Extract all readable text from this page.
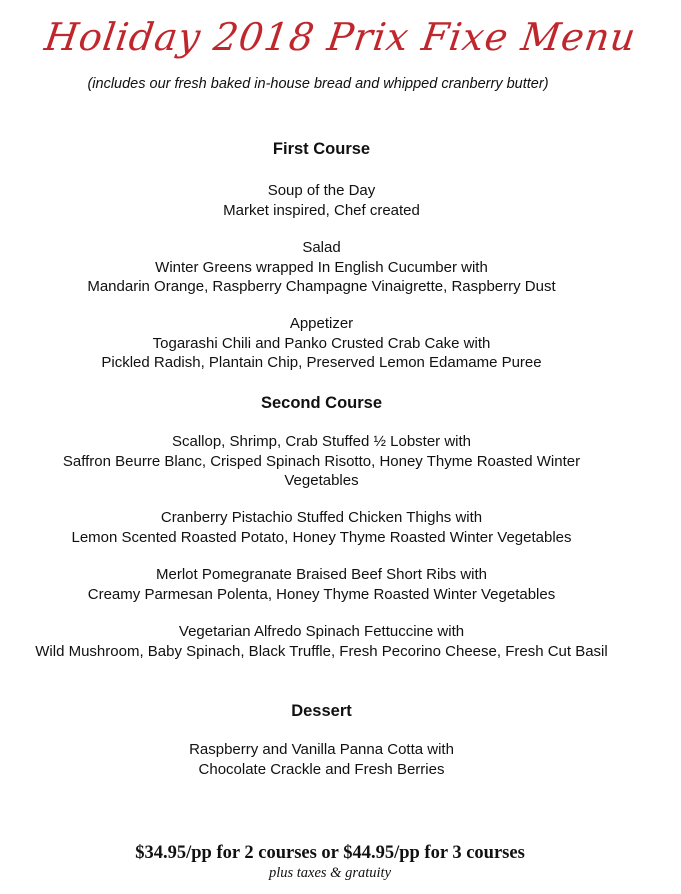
Holiday 2018 Prix Fixe Menu
(includes our fresh baked in-house bread and whipped cranberry butter)
First Course
Soup of the Day
Market inspired, Chef created
Salad
Winter Greens wrapped In English Cucumber with
Mandarin Orange, Raspberry Champagne Vinaigrette, Raspberry Dust
Appetizer
Togarashi Chili and Panko Crusted Crab Cake with
Pickled Radish, Plantain Chip, Preserved Lemon Edamame Puree
Second Course
Scallop, Shrimp, Crab Stuffed ½ Lobster with
Saffron Beurre Blanc, Crisped Spinach Risotto, Honey Thyme Roasted Winter
Vegetables
Cranberry Pistachio Stuffed Chicken Thighs with
Lemon Scented Roasted Potato, Honey Thyme Roasted Winter Vegetables
Merlot Pomegranate Braised Beef Short Ribs with
Creamy Parmesan Polenta, Honey Thyme Roasted Winter Vegetables
Vegetarian Alfredo Spinach Fettuccine with
Wild Mushroom, Baby Spinach, Black Truffle, Fresh Pecorino Cheese, Fresh Cut Basil
Dessert
Raspberry and Vanilla Panna Cotta with
Chocolate Crackle and Fresh Berries
$34.95/pp for 2 courses or $44.95/pp for 3 courses
plus taxes & gratuity
